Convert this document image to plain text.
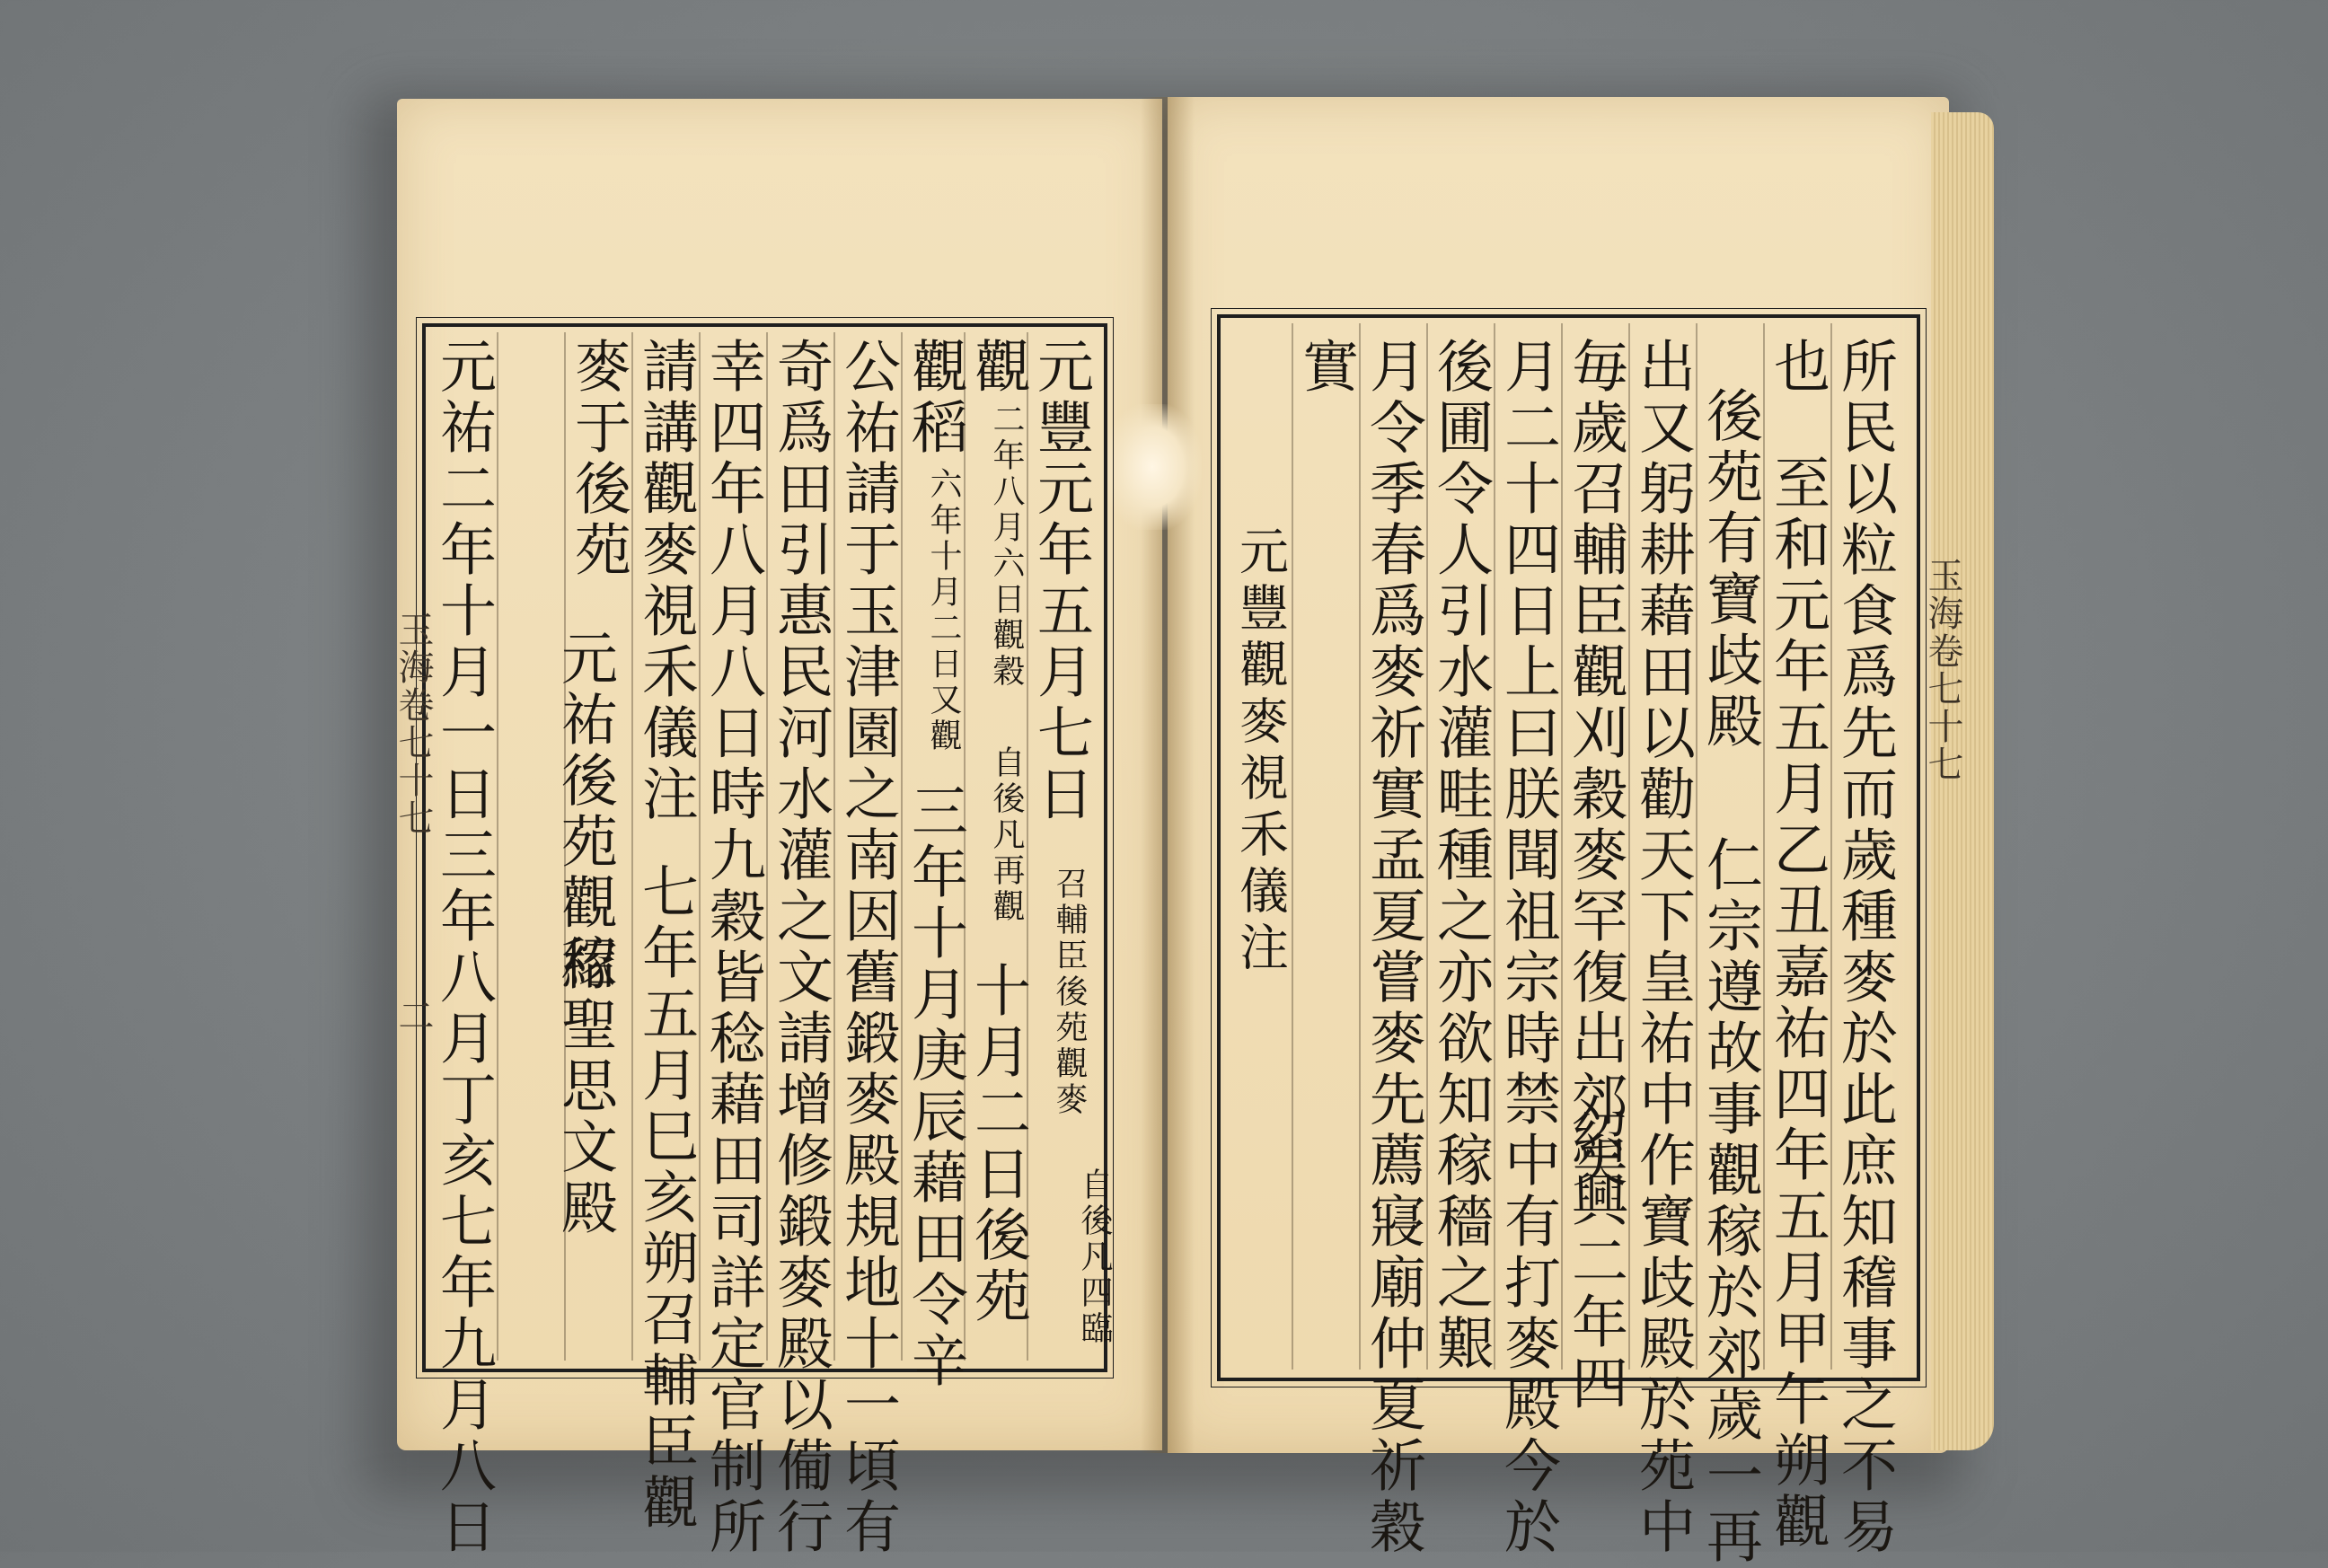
玉海卷七十七
二
元豐元年五月七日
召輔臣後苑觀麥
自後凡四臨
觀
二年八月六日觀穀
自後凡再觀
十月二日後苑
觀稻
六年十月二日又觀
三年十月庚辰藉田令辛
公祐請于玉津園之南因舊鍛麥殿規地十一頃有
奇爲田引惠民河水灌之文請增修鍛麥殿以僃行
幸四年八月八日時九穀皆稔藉田司詳定官制所
請講觀麥視禾儀注
七年五月巳亥朔召輔臣觀
麥于後苑
元祐後苑觀稼
紹聖思文殿
元祐二年十月一日三年八月丁亥七年九月八日	玉海卷七十七
所民以粒食爲先而歲種麥於此庶知稽事之不易
也
至和元年五月乙丑嘉祐四年五月甲午朔觀
後苑有寶歧殿
仁宗遵故事觀稼於郊歲一再
出又躬耕藉田以勸天下皇祐中作寶歧殿於苑中
毎歲召輔臣觀刈穀麥罕復出郊矣
紹興二年四
月二十四日上曰朕聞祖宗時禁中有打麥殿今於
後圃令人引水灌畦種之亦欲知稼穡之艱
月令季春爲麥祈實孟夏嘗麥先薦寢廟仲夏祈穀
實
元豐觀麥視禾儀注
